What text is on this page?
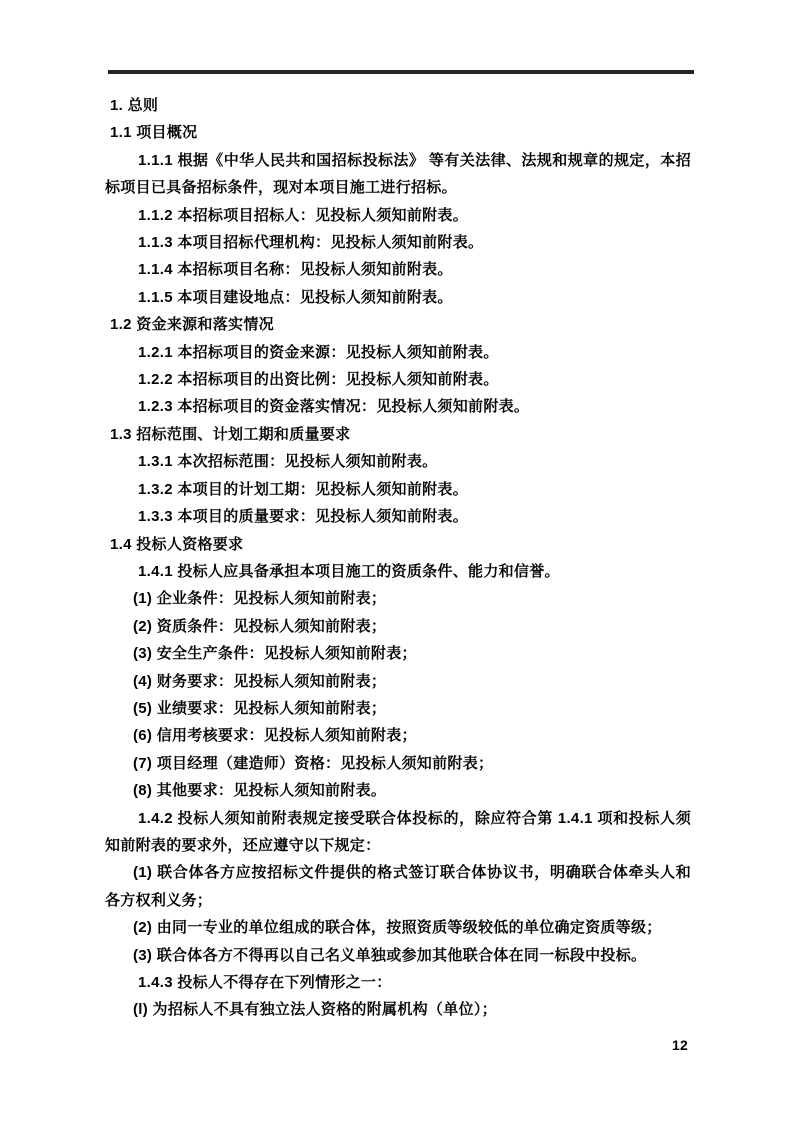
1. 总则

1.1 项目概况

1.1.1 根据《中华人民共和国招标投标法》 等有关法律、法规和规章的规定，本招标项目已具备招标条件，现对本项目施工进行招标。

1.1.2 本招标项目招标人：见投标人须知前附表。

1.1.3 本项目招标代理机构：见投标人须知前附表。

1.1.4 本招标项目名称：见投标人须知前附表。

1.1.5 本项目建设地点：见投标人须知前附表。

1.2 资金来源和落实情况

1.2.1 本招标项目的资金来源：见投标人须知前附表。

1.2.2 本招标项目的出资比例：见投标人须知前附表。

1.2.3 本招标项目的资金落实情况：见投标人须知前附表。

1.3 招标范围、计划工期和质量要求

1.3.1 本次招标范围：见投标人须知前附表。

1.3.2 本项目的计划工期：见投标人须知前附表。

1.3.3 本项目的质量要求：见投标人须知前附表。

1.4 投标人资格要求

1.4.1 投标人应具备承担本项目施工的资质条件、能力和信誉。

(1) 企业条件：见投标人须知前附表；

(2) 资质条件：见投标人须知前附表；

(3) 安全生产条件：见投标人须知前附表；

(4) 财务要求：见投标人须知前附表；

(5) 业绩要求：见投标人须知前附表；

(6) 信用考核要求：见投标人须知前附表；

(7) 项目经理（建造师）资格：见投标人须知前附表；

(8) 其他要求：见投标人须知前附表。

1.4.2 投标人须知前附表规定接受联合体投标的，除应符合第 1.4.1 项和投标人须知前附表的要求外，还应遵守以下规定：

(1) 联合体各方应按招标文件提供的格式签订联合体协议书，明确联合体牵头人和各方权利义务；

(2) 由同一专业的单位组成的联合体，按照资质等级较低的单位确定资质等级；

(3) 联合体各方不得再以自己名义单独或参加其他联合体在同一标段中投标。

1.4.3 投标人不得存在下列情形之一：

(l) 为招标人不具有独立法人资格的附属机构（单位）；

12
